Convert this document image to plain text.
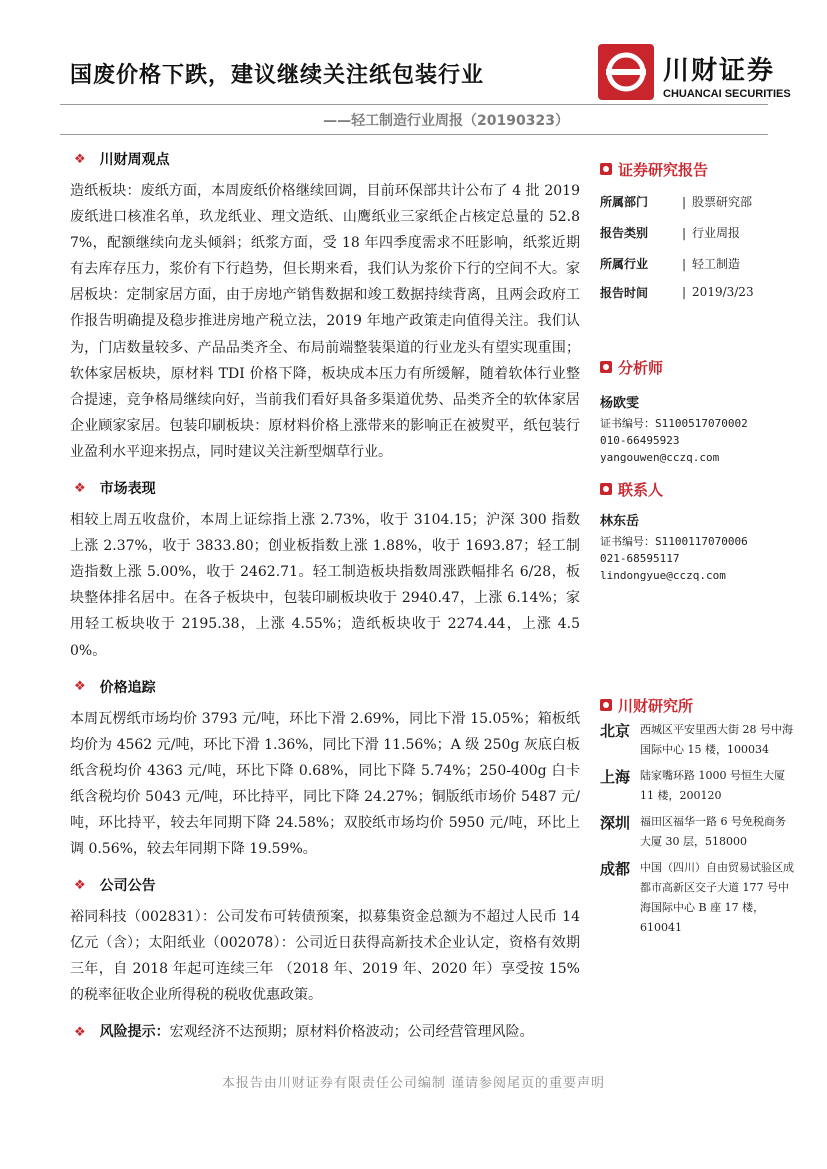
国废价格下跌，建议继续关注纸包装行业
——轻工制造行业周报（20190323）
川财证券
CHUANCAI SECURITIES
❖ 川财周观点
造纸板块：废纸方面，本周废纸价格继续回调，目前环保部共计公布了 4 批 2019 废纸进口核准名单，玖龙纸业、理文造纸、山鹰纸业三家纸企占核定总量的 52.87%，配额继续向龙头倾斜；纸浆方面，受 18 年四季度需求不旺影响，纸浆近期有去库存压力，浆价有下行趋势，但长期来看，我们认为浆价下行的空间不大。家居板块：定制家居方面，由于房地产销售数据和竣工数据持续背离，且两会政府工作报告明确提及稳步推进房地产税立法，2019 年地产政策走向值得关注。我们认为，门店数量较多、产品品类齐全、布局前端整装渠道的行业龙头有望实现重围；软体家居板块，原材料 TDI 价格下降，板块成本压力有所缓解，随着软体行业整合提速，竞争格局继续向好，当前我们看好具备多渠道优势、品类齐全的软体家居企业顾家家居。包装印刷板块：原材料价格上涨带来的影响正在被熨平，纸包装行业盈利水平迎来拐点，同时建议关注新型烟草行业。
❖ 市场表现
相较上周五收盘价，本周上证综指上涨 2.73%，收于 3104.15；沪深 300 指数上涨 2.37%，收于 3833.80；创业板指数上涨 1.88%，收于 1693.87；轻工制造指数上涨 5.00%，收于 2462.71。轻工制造板块指数周涨跌幅排名 6/28，板块整体排名居中。在各子板块中，包装印刷板块收于 2940.47，上涨 6.14%；家用轻工板块收于 2195.38，上涨 4.55%；造纸板块收于 2274.44，上涨 4.50%。
❖ 价格追踪
本周瓦楞纸市场均价 3793 元/吨，环比下滑 2.69%，同比下滑 15.05%；箱板纸均价为 4562 元/吨，环比下滑 1.36%，同比下滑 11.56%；A 级 250g 灰底白板纸含税均价 4363 元/吨，环比下降 0.68%，同比下降 5.74%；250-400g 白卡纸含税均价 5043 元/吨，环比持平，同比下降 24.27%；铜版纸市场价 5487 元/吨，环比持平，较去年同期下降 24.58%；双胶纸市场均价 5950 元/吨，环比上调 0.56%，较去年同期下降 19.59%。
❖ 公司公告
裕同科技（002831）：公司发布可转债预案，拟募集资金总额为不超过人民币 14 亿元（含）；太阳纸业（002078）：公司近日获得高新技术企业认定，资格有效期三年，自 2018 年起可连续三年 （2018 年、2019 年、2020 年）享受按 15%的税率征收企业所得税的税收优惠政策。
❖ 风险提示： 宏观经济不达预期；原材料价格波动；公司经营管理风险。
证券研究报告
所属部门	| 股票研究部
报告类别	| 行业周报
所属行业	| 轻工制造
报告时间	| 2019/3/23
分析师
杨欧雯
证书编号：S1100517070002
010-66495923
yangouwen@cczq.com
联系人
林东岳
证书编号：S1100117070006
021-68595117
lindongyue@cczq.com
川财研究所
北京 西城区平安里西大街 28 号中海国际中心 15 楼，100034
上海 陆家嘴环路 1000 号恒生大厦 11 楼，200120
深圳 福田区福华一路 6 号免税商务大厦 30 层，518000
成都 中国（四川）自由贸易试验区成都市高新区交子大道 177 号中海国际中心 B 座 17 楼，610041
本报告由川财证券有限责任公司编制 谨请参阅尾页的重要声明
